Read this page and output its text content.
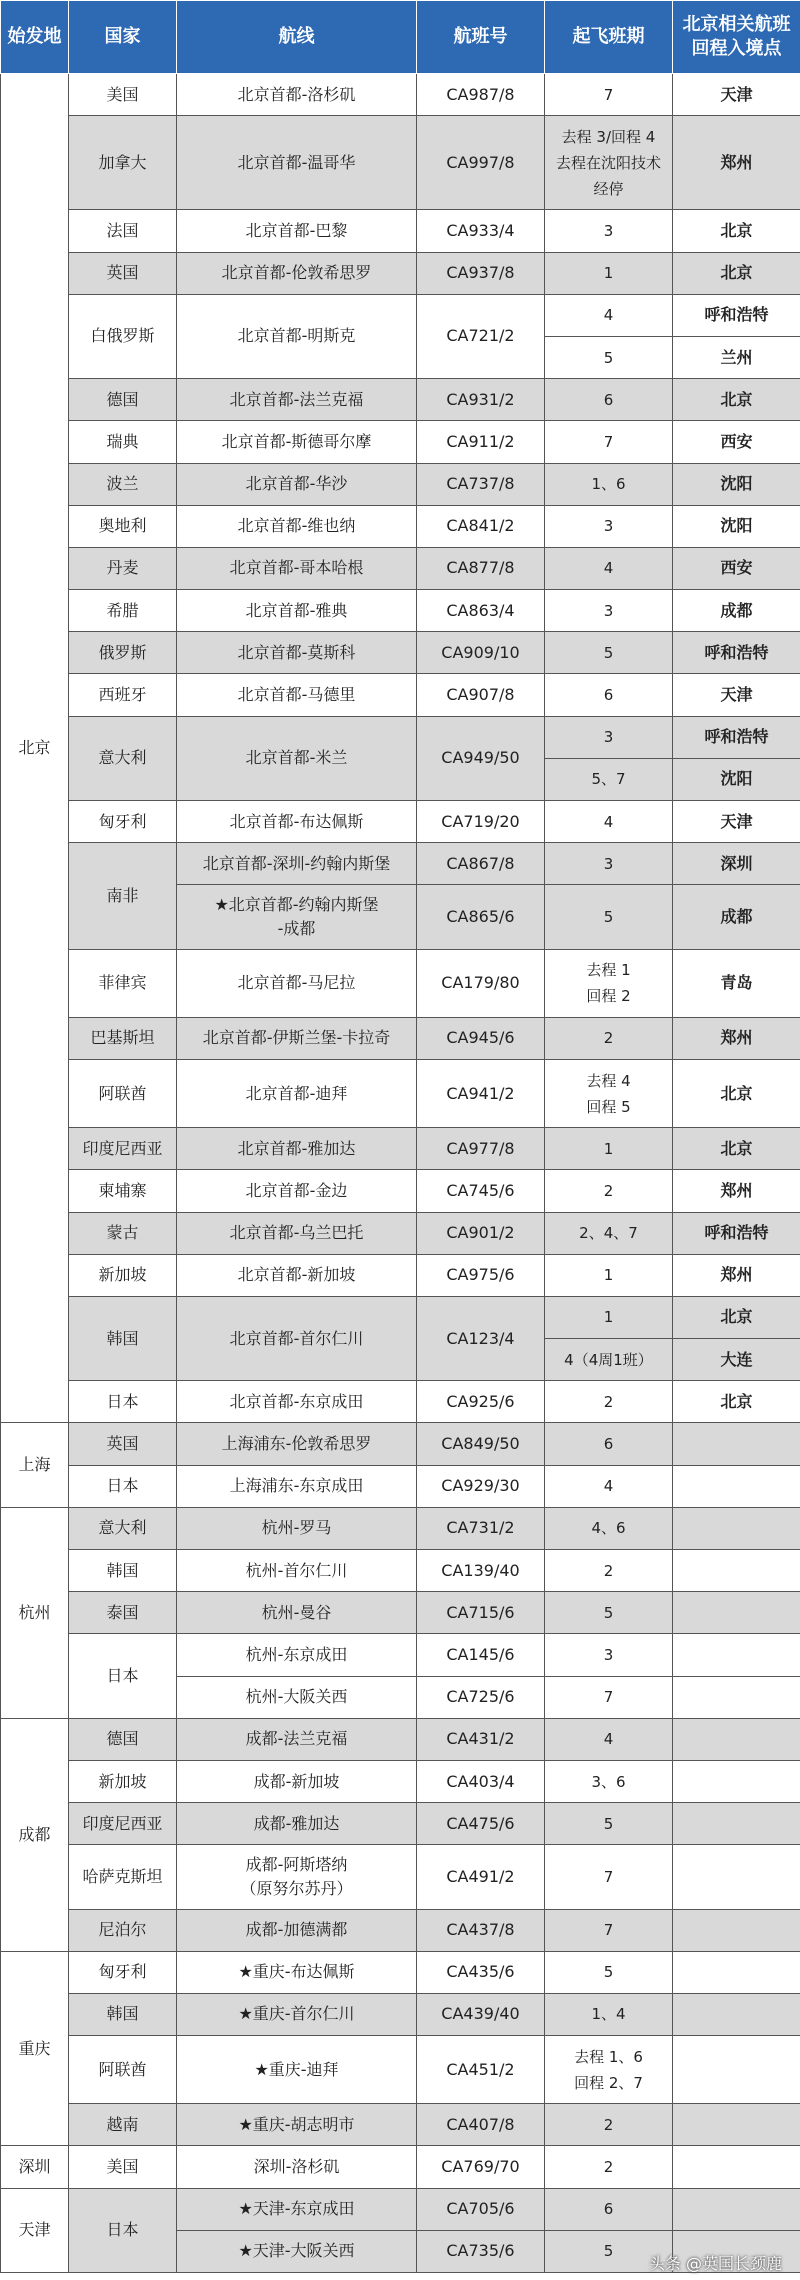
始发地	国家	航线	航班号	起飞班期	北京相关航班回程入境点
北京	美国	北京首都-洛杉矶	CA987/8	7	天津
	加拿大	北京首都-温哥华	CA997/8	去程 3/回程 4
去程在沈阳技术
经停	郑州
	法国	北京首都-巴黎	CA933/4	3	北京
	英国	北京首都-伦敦希思罗	CA937/8	1	北京
	白俄罗斯	北京首都-明斯克	CA721/2	4	呼和浩特
				5	兰州
	德国	北京首都-法兰克福	CA931/2	6	北京
	瑞典	北京首都-斯德哥尔摩	CA911/2	7	西安
	波兰	北京首都-华沙	CA737/8	1、6	沈阳
	奥地利	北京首都-维也纳	CA841/2	3	沈阳
	丹麦	北京首都-哥本哈根	CA877/8	4	西安
	希腊	北京首都-雅典	CA863/4	3	成都
	俄罗斯	北京首都-莫斯科	CA909/10	5	呼和浩特
	西班牙	北京首都-马德里	CA907/8	6	天津
	意大利	北京首都-米兰	CA949/50	3	呼和浩特
				5、7	沈阳
	匈牙利	北京首都-布达佩斯	CA719/20	4	天津
	南非	北京首都-深圳-约翰内斯堡	CA867/8	3	深圳
		★北京首都-约翰内斯堡
-成都	CA865/6	5	成都
	菲律宾	北京首都-马尼拉	CA179/80	去程 1
回程 2	青岛
	巴基斯坦	北京首都-伊斯兰堡-卡拉奇	CA945/6	2	郑州
	阿联酋	北京首都-迪拜	CA941/2	去程 4
回程 5	北京
	印度尼西亚	北京首都-雅加达	CA977/8	1	北京
	柬埔寨	北京首都-金边	CA745/6	2	郑州
	蒙古	北京首都-乌兰巴托	CA901/2	2、4、7	呼和浩特
	新加坡	北京首都-新加坡	CA975/6	1	郑州
	韩国	北京首都-首尔仁川	CA123/4	1	北京
				4（4周1班）	大连
	日本	北京首都-东京成田	CA925/6	2	北京
上海	英国	上海浦东-伦敦希思罗	CA849/50	6	
	日本	上海浦东-东京成田	CA929/30	4	
杭州	意大利	杭州-罗马	CA731/2	4、6	
	韩国	杭州-首尔仁川	CA139/40	2	
	泰国	杭州-曼谷	CA715/6	5	
	日本	杭州-东京成田	CA145/6	3	
		杭州-大阪关西	CA725/6	7	
成都	德国	成都-法兰克福	CA431/2	4	
	新加坡	成都-新加坡	CA403/4	3、6	
	印度尼西亚	成都-雅加达	CA475/6	5	
	哈萨克斯坦	成都-阿斯塔纳
（原努尔苏丹）	CA491/2	7	
	尼泊尔	成都-加德满都	CA437/8	7	
重庆	匈牙利	★重庆-布达佩斯	CA435/6	5	
	韩国	★重庆-首尔仁川	CA439/40	1、4	
	阿联酋	★重庆-迪拜	CA451/2	去程 1、6
回程 2、7	
	越南	★重庆-胡志明市	CA407/8	2	
深圳	美国	深圳-洛杉矶	CA769/70	2	
天津	日本	★天津-东京成田	CA705/6	6	
		★天津-大阪关西	CA735/6	5	
头条 @英国长颈鹿
